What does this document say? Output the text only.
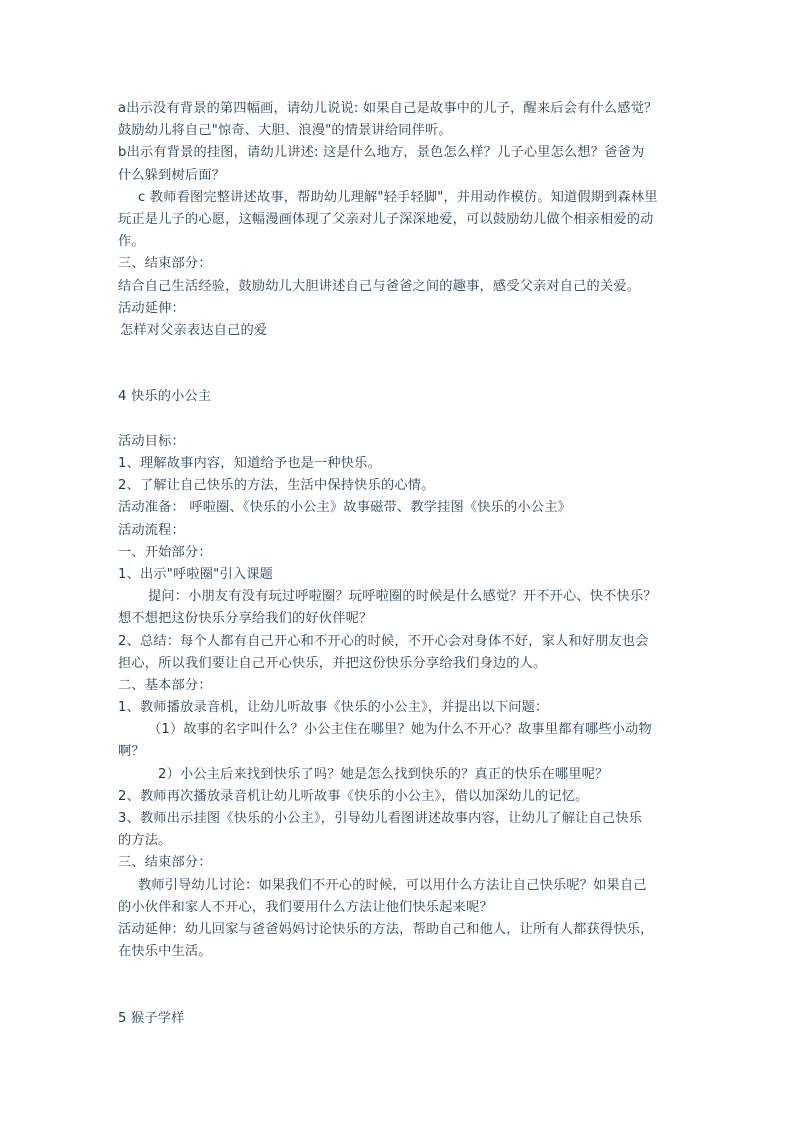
a出示没有背景的第四幅画，请幼儿说说: 如果自己是故事中的儿子，醒来后会有什么感觉？
鼓励幼儿将自己"惊奇、大胆、浪漫"的情景讲给同伴听。
b出示有背景的挂图，请幼儿讲述: 这是什么地方，景色怎么样？儿子心里怎么想？爸爸为
什么躲到树后面？
c 教师看图完整讲述故事，帮助幼儿理解"轻手轻脚"，并用动作模仿。知道假期到森林里
玩正是儿子的心愿，这幅漫画体现了父亲对儿子深深地爱，可以鼓励幼儿做个相亲相爱的动
作。
三、结束部分：
结合自己生活经验，鼓励幼儿大胆讲述自己与爸爸之间的趣事，感受父亲对自己的关爱。
活动延伸：
怎样对父亲表达自己的爱
4 快乐的小公主
活动目标：
1、理解故事内容，知道给予也是一种快乐。
2、了解让自己快乐的方法，生活中保持快乐的心情。
活动准备： 呼啦圈、《快乐的小公主》故事磁带、教学挂图《快乐的小公主》
活动流程：
一、开始部分：
1、出示"呼啦圈"引入课题
提问：小朋友有没有玩过呼啦圈？玩呼啦圈的时候是什么感觉？开不开心、快不快乐？
想不想把这份快乐分享给我们的好伙伴呢？
2、总结：每个人都有自己开心和不开心的时候，不开心会对身体不好，家人和好朋友也会
担心，所以我们要让自己开心快乐，并把这份快乐分享给我们身边的人。
二、基本部分：
1、教师播放录音机，让幼儿听故事《快乐的小公主》，并提出以下问题：
（1）故事的名字叫什么？小公主住在哪里？她为什么不开心？故事里都有哪些小动物
啊？
2）小公主后来找到快乐了吗？她是怎么找到快乐的？真正的快乐在哪里呢？
2、教师再次播放录音机让幼儿听故事《快乐的小公主》，借以加深幼儿的记忆。
3、教师出示挂图《快乐的小公主》，引导幼儿看图讲述故事内容，让幼儿了解让自己快乐
的方法。
三、结束部分：
教师引导幼儿讨论：如果我们不开心的时候，可以用什么方法让自己快乐呢？如果自己
的小伙伴和家人不开心，我们要用什么方法让他们快乐起来呢？
活动延伸：幼儿回家与爸爸妈妈讨论快乐的方法，帮助自己和他人，让所有人都获得快乐，
在快乐中生活。
5 猴子学样
